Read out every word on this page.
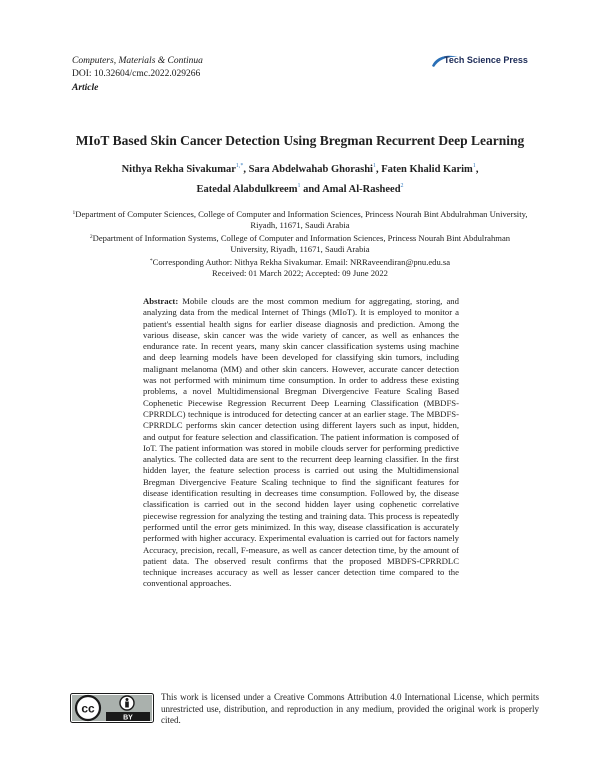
Computers, Materials & Continua
DOI: 10.32604/cmc.2022.029266
Article
Tech Science Press
MIoT Based Skin Cancer Detection Using Bregman Recurrent Deep Learning
Nithya Rekha Sivakumar$^{1,*}$, Sara Abdelwahab Ghorashi$^1$, Faten Khalid Karim$^1$,
Eatedal Alabdulkreem$^1$ and Amal Al-Rasheed$^2$
$^1$Department of Computer Sciences, College of Computer and Information Sciences, Princess Nourah Bint Abdulrahman University, Riyadh, 11671, Saudi Arabia
$^2$Department of Information Systems, College of Computer and Information Sciences, Princess Nourah Bint Abdulrahman University, Riyadh, 11671, Saudi Arabia
*Corresponding Author: Nithya Rekha Sivakumar. Email: NRRaveendiran@pnu.edu.sa
Received: 01 March 2022; Accepted: 09 June 2022
Abstract: Mobile clouds are the most common medium for aggregating, storing, and analyzing data from the medical Internet of Things (MIoT). It is employed to monitor a patient's essential health signs for earlier disease diagnosis and prediction. Among the various disease, skin cancer was the wide variety of cancer, as well as enhances the endurance rate. In recent years, many skin cancer classification systems using machine and deep learning models have been developed for classifying skin tumors, including malignant melanoma (MM) and other skin cancers. However, accurate cancer detection was not performed with minimum time consumption. In order to address these existing problems, a novel Multidimensional Bregman Divergencive Feature Scaling Based Cophenetic Piecewise Regression Recurrent Deep Learning Classification (MBDFS-CPRRDLC) technique is introduced for detecting cancer at an earlier stage. The MBDFS-CPRRDLC performs skin cancer detection using different layers such as input, hidden, and output for feature selection and classification. The patient information is composed of IoT. The patient information was stored in mobile clouds server for performing predictive analytics. The collected data are sent to the recurrent deep learning classifier. In the first hidden layer, the feature selection process is carried out using the Multidimensional Bregman Divergencive Feature Scaling technique to find the significant features for disease identification resulting in decreases time consumption. Followed by, the disease classification is carried out in the second hidden layer using cophenetic correlative piecewise regression for analyzing the testing and training data. This process is repeatedly performed until the error gets minimized. In this way, disease classification is accurately performed with higher accuracy. Experimental evaluation is carried out for factors namely Accuracy, precision, recall, F-measure, as well as cancer detection time, by the amount of patient data. The observed result confirms that the proposed MBDFS-CPRRDLC technique increases accuracy as well as lesser cancer detection time compared to the conventional approaches.
cc
BY
This work is licensed under a Creative Commons Attribution 4.0 International License, which permits unrestricted use, distribution, and reproduction in any medium, provided the original work is properly cited.
